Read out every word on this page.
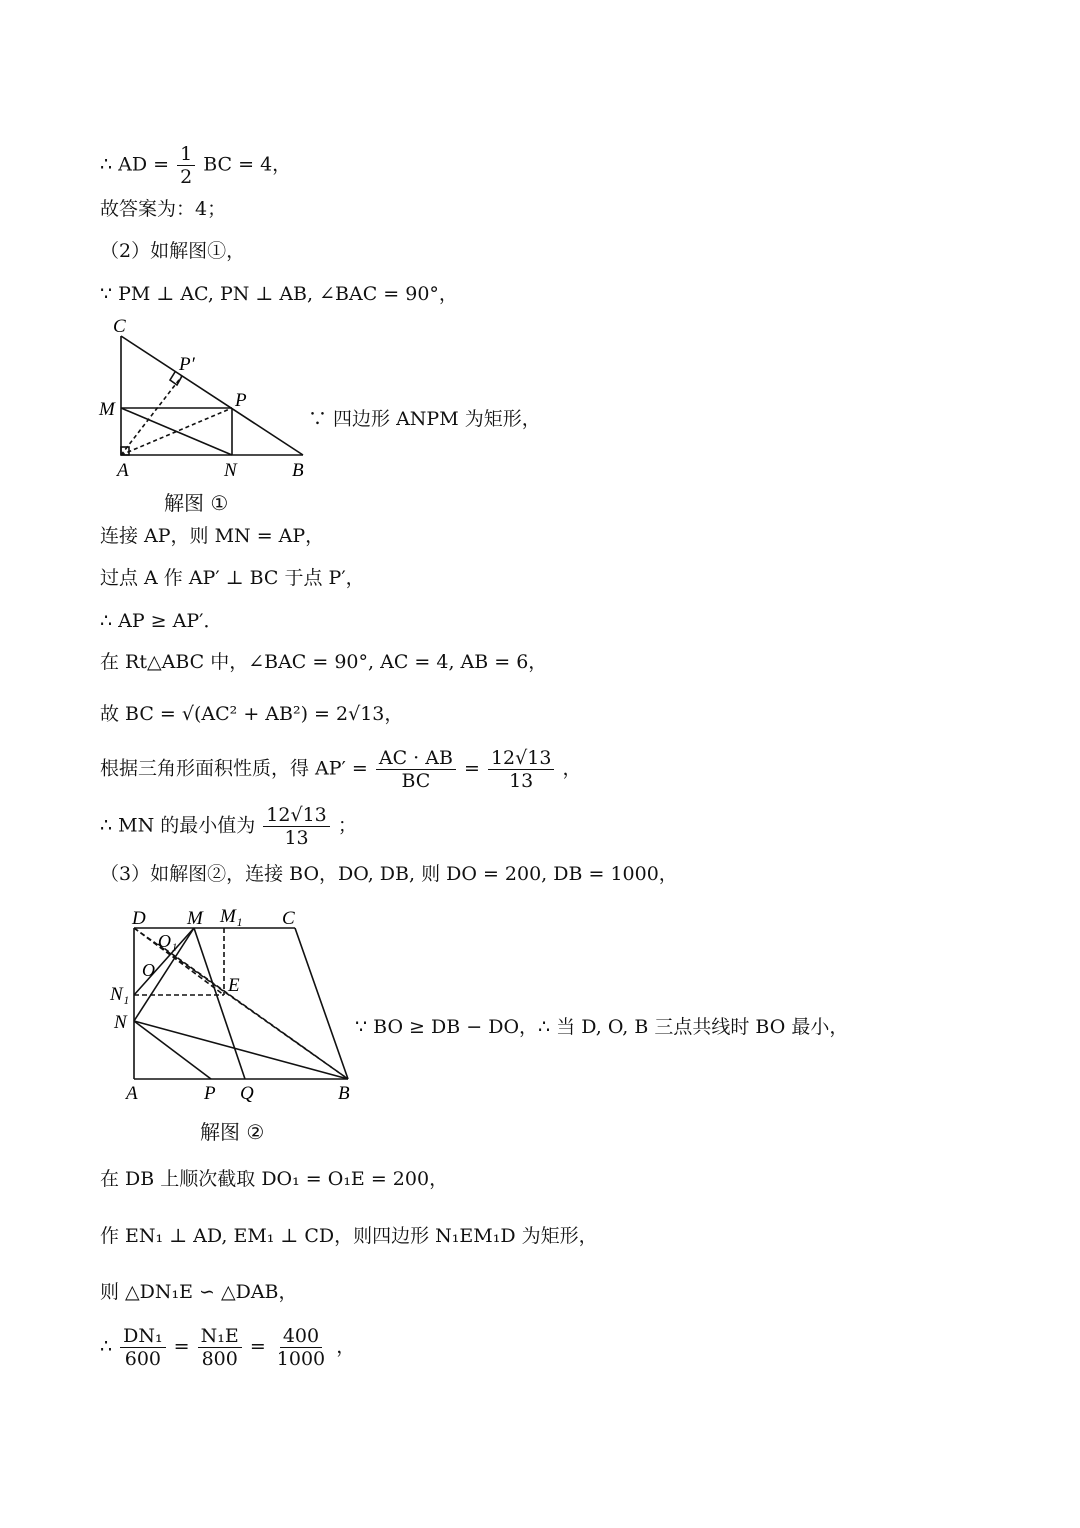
∴ AD = $\frac{1}{2}$ BC = 4，
故答案为：4；
（2）如解图①，
∵ PM ⊥ AC, PN ⊥ AB, ∠BAC = 90°，
C
P′
M	P
A	N	B
解图 ①
∵ 四边形 ANPM 为矩形，
连接 AP，则 MN = AP，
过点 A 作 AP′ ⊥ BC 于点 P′，
∴ AP ≥ AP′．
在 Rt△ABC 中，∠BAC = 90°, AC = 4, AB = 6，
故 BC = √(AC² + AB²) = 2√13，
根据三角形面积性质，得 $AP' = \frac{AC \cdot AB}{BC} = \frac{12√13}{13}$ ，
∴ MN 的最小值为 $\frac{12√13}{13}$ ；
（3）如解图②，连接 BO，DO, DB, 则 DO = 200, DB = 1000，
D M M₁ C
O₁
O
N₁	E
N
A	P Q	B
解图 ②
∵ BO ≥ DB − DO，∴ 当 D, O, B 三点共线时 BO 最小，
在 DB 上顺次截取 DO₁ = O₁E = 200，
作 EN₁ ⊥ AD, EM₁ ⊥ CD，则四边形 N₁EM₁D 为矩形，
则 △DN₁E ∽ △DAB，
∴ $\frac{\text{DN₁}}{600} = \frac{\text{N₁E}}{800} = \frac{400}{1000}$ ，
